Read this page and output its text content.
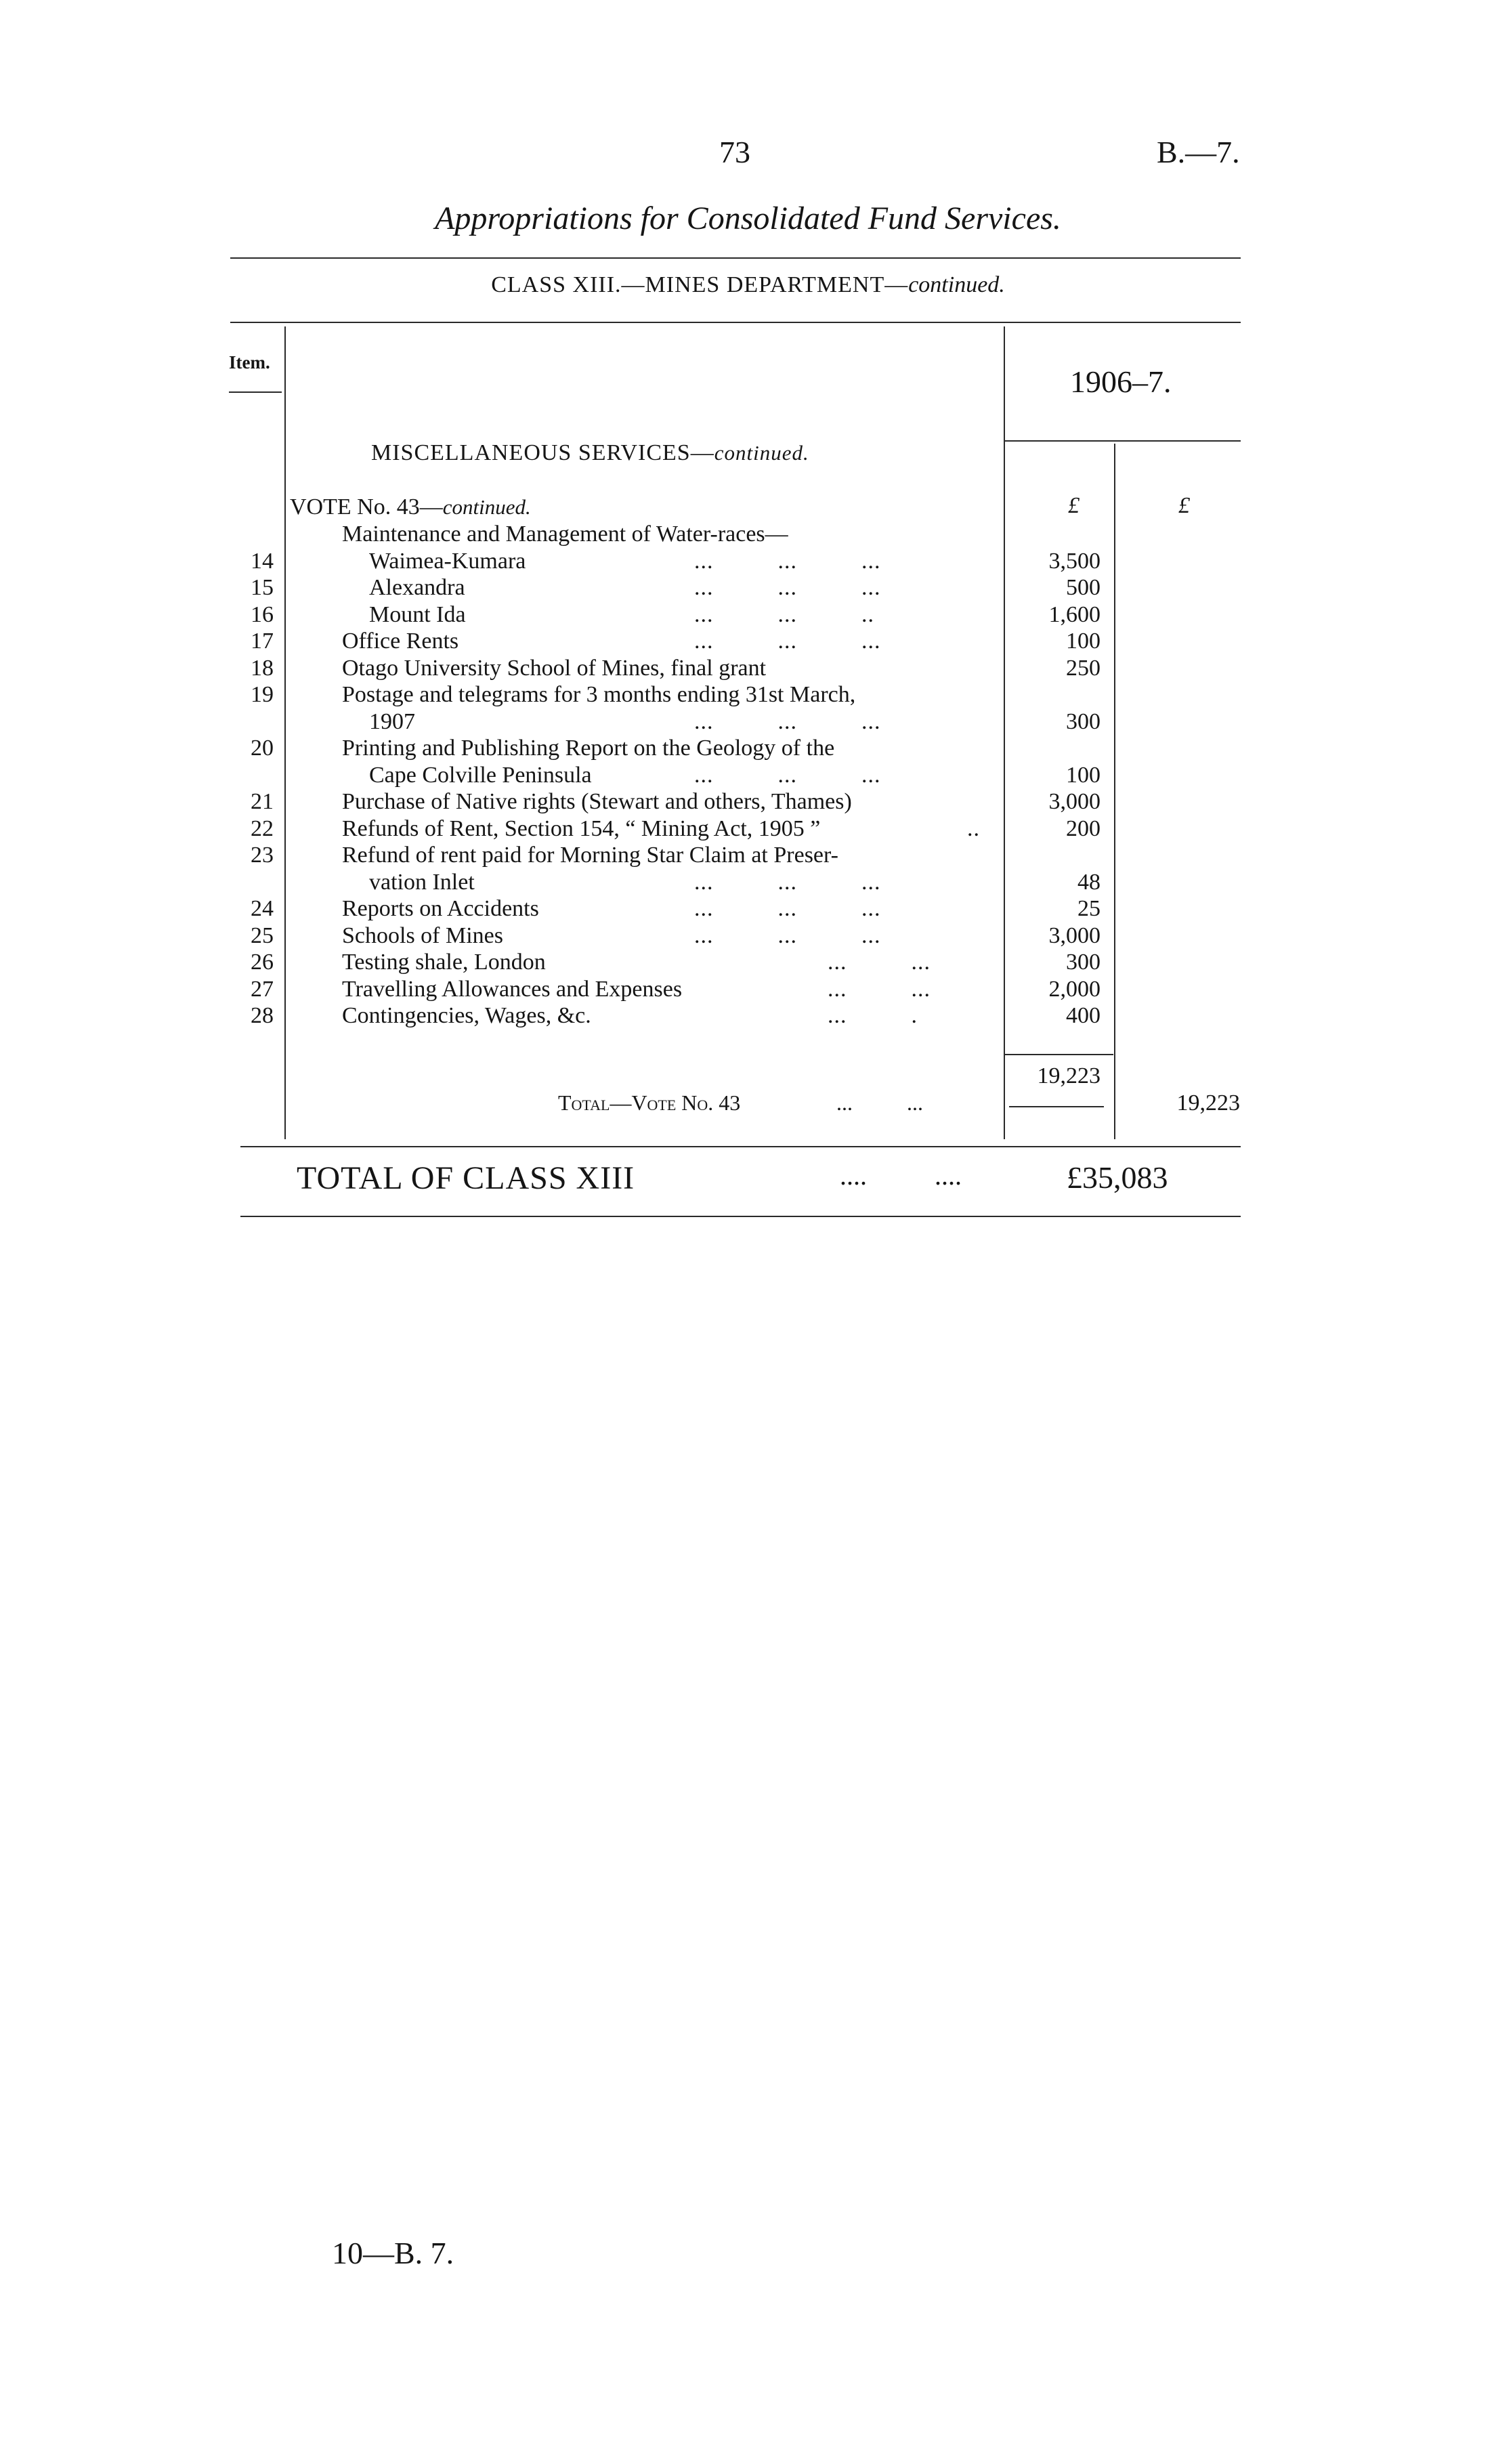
73	B.—7.
Appropriations for Consolidated Fund Services.
CLASS XIII.—MINES DEPARTMENT—continued.
Item.
1906–7.
MISCELLANEOUS SERVICES—continued.
VOTE No. 43—continued.	£	£
Maintenance and Management of Water-races—
14	Waimea-Kumara	...          ...          ...	3,500
15	Alexandra	...          ...          ...	500
16	Mount Ida	...          ...          ..	1,600
17	Office Rents	...          ...          ...	100
18	Otago University School of Mines, final grant	250
19	Postage and telegrams for 3 months ending 31st March,
1907	...          ...          ...	300
20	Printing and Publishing Report on the Geology of the
Cape Colville Peninsula	...          ...          ...	100
21	Purchase of Native rights (Stewart and others, Thames)	3,000
22	Refunds of Rent, Section 154, “ Mining Act, 1905 ”	..	200
23	Refund of rent paid for Morning Star Claim at Preser-
vation Inlet	...          ...          ...	48
24	Reports on Accidents	...          ...          ...	25
25	Schools of Mines	...          ...          ...	3,000
26	Testing shale, London	...          ...	300
27	Travelling Allowances and Expenses	...          ...	2,000
28	Contingencies, Wages, &c.	...          .	400
19,223
Total—Vote No. 43	...          ...	19,223
TOTAL OF CLASS XIII	....          ....	£35,083
10—B. 7.
